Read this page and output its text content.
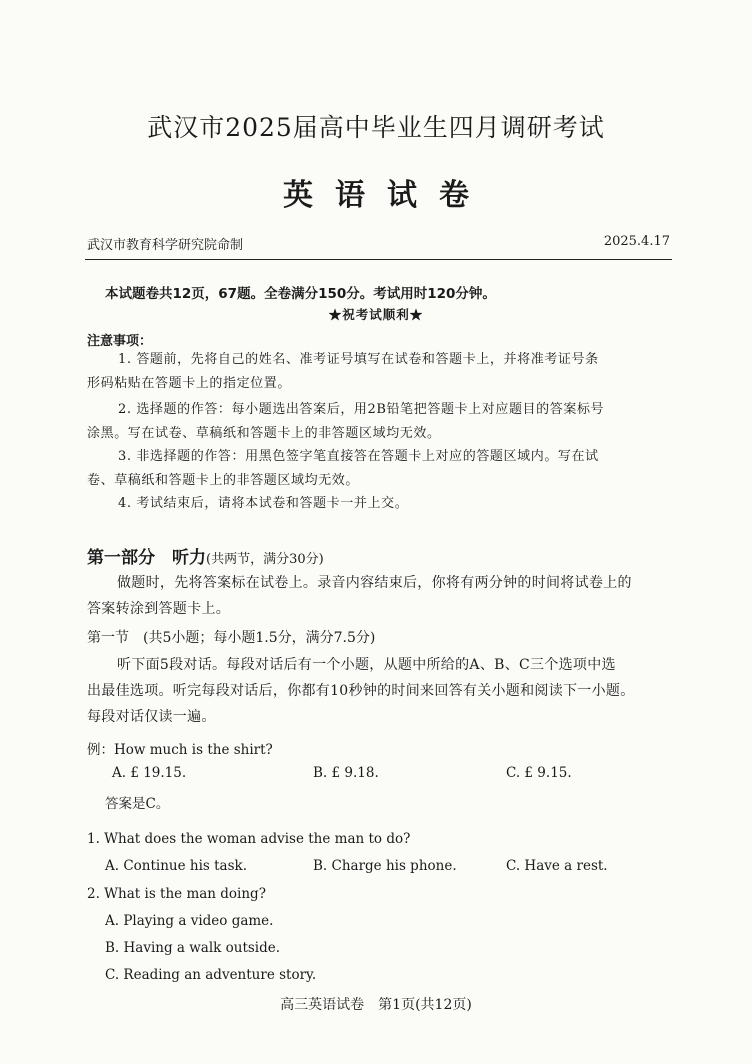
武汉市2025届高中毕业生四月调研考试
英语试卷
武汉市教育科学研究院命制	2025.4.17
本试题卷共12页，67题。全卷满分150分。考试用时120分钟。
★祝考试顺利★
注意事项：
1. 答题前，先将自己的姓名、准考证号填写在试卷和答题卡上，并将准考证号条
形码粘贴在答题卡上的指定位置。
2. 选择题的作答：每小题选出答案后，用2B铅笔把答题卡上对应题目的答案标号
涂黑。写在试卷、草稿纸和答题卡上的非答题区域均无效。
3. 非选择题的作答：用黑色签字笔直接答在答题卡上对应的答题区域内。写在试
卷、草稿纸和答题卡上的非答题区域均无效。
4. 考试结束后，请将本试卷和答题卡一并上交。
第一部分　听力(共两节，满分30分)
做题时，先将答案标在试卷上。录音内容结束后，你将有两分钟的时间将试卷上的
答案转涂到答题卡上。
第一节　(共5小题；每小题1.5分，满分7.5分)
听下面5段对话。每段对话后有一个小题，从题中所给的A、B、C三个选项中选
出最佳选项。听完每段对话后，你都有10秒钟的时间来回答有关小题和阅读下一小题。
每段对话仅读一遍。
例：How much is the shirt?
A. £ 19.15.	B. £ 9.18.	C. £ 9.15.
答案是C。
1. What does the woman advise the man to do?
A. Continue his task.	B. Charge his phone.	C. Have a rest.
2. What is the man doing?
A. Playing a video game.
B. Having a walk outside.
C. Reading an adventure story.
高三英语试卷　第1页(共12页)
